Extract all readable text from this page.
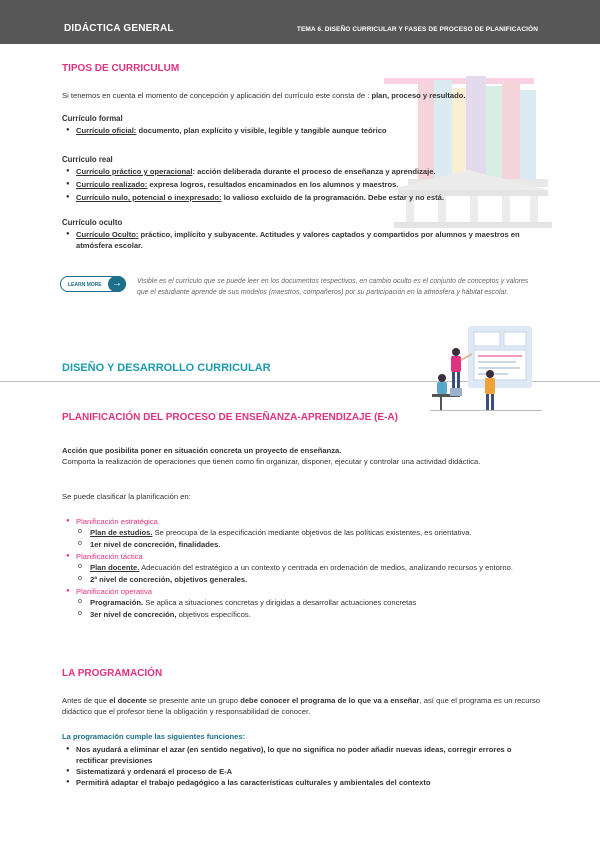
DIDÁCTICA GENERAL	TEMA 6. DISEÑO CURRICULAR Y FASES DE PROCESO DE PLANIFICACIÓN
TIPOS DE CURRICULUM
Si tenemos en cuenta el momento de concepción y aplicación del currículo este consta de : plan, proceso y resultado.
Currículo formal
● Currículo oficial: documento, plan explícito y visible, legible y tangible aunque teórico
Currículo real
● Currículo práctico y operacional: acción deliberada durante el proceso de enseñanza y aprendizaje.
● Currículo realizado: expresa logros, resultados encaminados en los alumnos y maestros.
● Currículo nulo, potencial o inexpresado: lo valioso excluido de la programación. Debe estar y no está.
Currículo oculto
● Currículo Oculto: práctico, implícito y subyacente. Actitudes y valores captados y compartidos por alumnos y maestros en atmósfera escolar.
LEARN MORE	→	Visible es el currículo que se puede leer en los documentos respectivos, en cambio oculto es el conjunto de conceptos y valores que el estudiante aprende de sus modelos (maestros, compañeros) por su participación en la atmósfera y hábitat escolar.
DISEÑO Y DESARROLLO CURRICULAR
PLANIFICACIÓN DEL PROCESO DE ENSEÑANZA-APRENDIZAJE (E-A)
Acción que posibilita poner en situación concreta un proyecto de enseñanza.
Comporta la realización de operaciones que tienen como fin organizar, disponer, ejecutar y controlar una actividad didáctica.
Se puede clasificar la planificación en:
● Planificación estratégica
o Plan de estudios. Se preocupa de la especificación mediante objetivos de las políticas existentes, es orientativa.
o 1er nivel de concreción, finalidades.
● Planificación táctica
o Plan docente. Adecuación del estratégico a un contexto y centrada en ordenación de medios, analizando recursos y entorno.
o 2º nivel de concreción, objetivos generales.
● Planificación operativa
o Programación. Se aplica a situaciones concretas y dirigidas a desarrollar actuaciones concretas
o 3er nivel de concreción, objetivos específicos.
LA PROGRAMACIÓN
Antes de que el docente se presente ante un grupo debe conocer el programa de lo que va a enseñar, así que el programa es un recurso didáctico que el profesor tiene la obligación y responsabilidad de conocer.
La programación cumple las siguientes funciones:
● Nos ayudará a eliminar el azar (en sentido negativo), lo que no significa no poder añadir nuevas ideas, corregir errores o rectificar previsiones
● Sistematizará y ordenará el proceso de E-A
● Permitirá adaptar el trabajo pedagógico a las características culturales y ambientales del contexto
